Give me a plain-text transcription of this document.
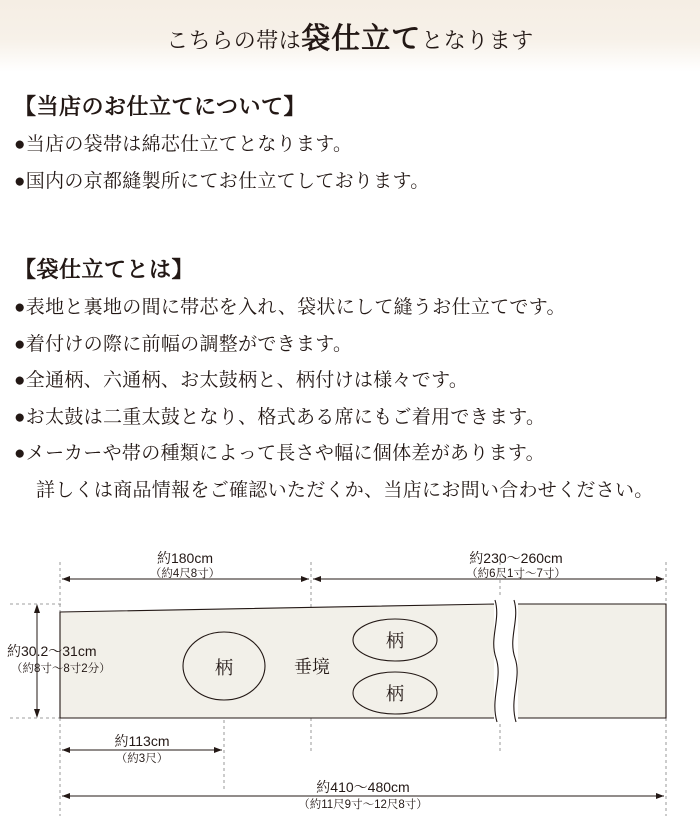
こちらの帯は袋仕立てとなります
【当店のお仕立てについて】
●当店の袋帯は綿芯仕立てとなります。
●国内の京都縫製所にてお仕立てしております。
【袋仕立てとは】
●表地と裏地の間に帯芯を入れ、袋状にして縫うお仕立てです。
●着付けの際に前幅の調整ができます。
●全通柄、六通柄、お太鼓柄と、柄付けは様々です。
●お太鼓は二重太鼓となり、格式ある席にもご着用できます。
●メーカーや帯の種類によって長さや幅に個体差があります。
詳しくは商品情報をご確認いただくか、当店にお問い合わせください。
約180cm
（約4尺8寸）
約230〜260cm
（約6尺1寸〜7寸）
柄
柄
柄
垂境
約30.2〜31cm
（約8寸〜8寸2分）
約113cm
（約3尺）
約410〜480cm
（約11尺9寸〜12尺8寸）
